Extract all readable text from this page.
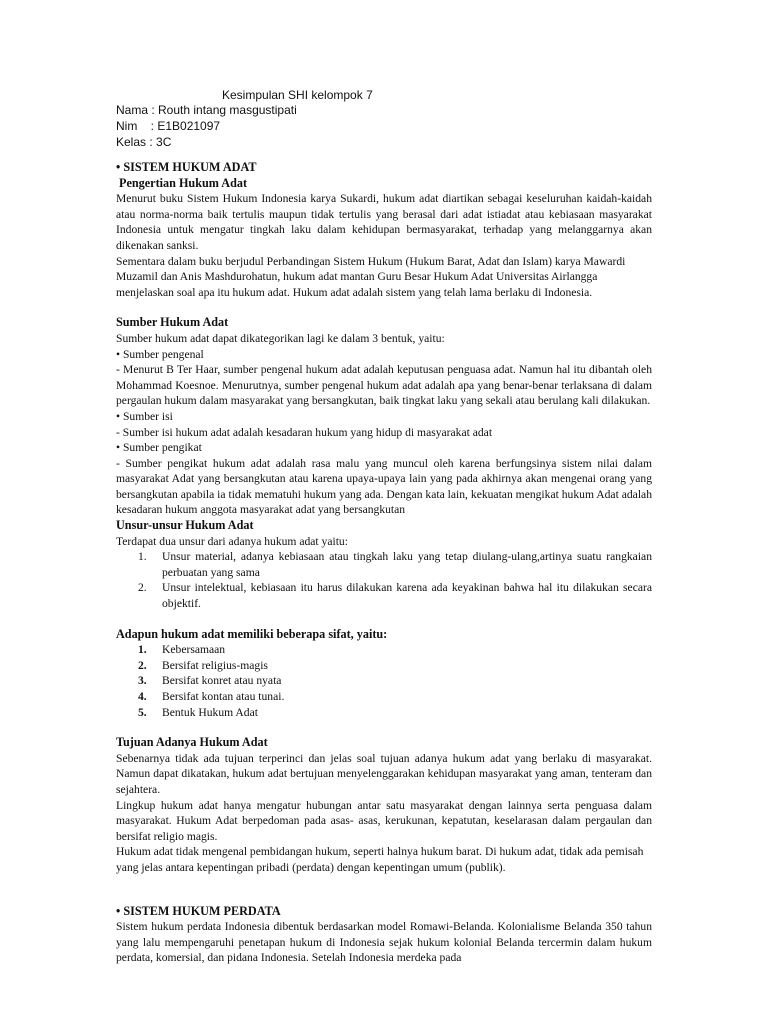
Kesimpulan SHI kelompok 7
Nama : Routh intang masgustipati
Nim    : E1B021097
Kelas : 3C

• SISTEM HUKUM ADAT

Pengertian Hukum Adat

Menurut buku Sistem Hukum Indonesia karya Sukardi, hukum adat diartikan sebagai keseluruhan kaidah-kaidah atau norma-norma baik tertulis maupun tidak tertulis yang berasal dari adat istiadat atau kebiasaan masyarakat Indonesia untuk mengatur tingkah laku dalam kehidupan bermasyarakat, terhadap yang melanggarnya akan dikenakan sanksi.

Sementara dalam buku berjudul Perbandingan Sistem Hukum (Hukum Barat, Adat dan Islam) karya Mawardi Muzamil dan Anis Mashdurohatun, hukum adat mantan Guru Besar Hukum Adat Universitas Airlangga menjelaskan soal apa itu hukum adat. Hukum adat adalah sistem yang telah lama berlaku di Indonesia.

Sumber Hukum Adat

Sumber hukum adat dapat dikategorikan lagi ke dalam 3 bentuk, yaitu:

• Sumber pengenal

- Menurut B Ter Haar, sumber pengenal hukum adat adalah keputusan penguasa adat. Namun hal itu dibantah oleh Mohammad Koesnoe. Menurutnya, sumber pengenal hukum adat adalah apa yang benar-benar terlaksana di dalam pergaulan hukum dalam masyarakat yang bersangkutan, baik tingkat laku yang sekali atau berulang kali dilakukan.

• Sumber isi

- Sumber isi hukum adat adalah kesadaran hukum yang hidup di masyarakat adat

• Sumber pengikat

- Sumber pengikat hukum adat adalah rasa malu yang muncul oleh karena berfungsinya sistem nilai dalam masyarakat Adat yang bersangkutan atau karena upaya-upaya lain yang pada akhirnya akan mengenai orang yang bersangkutan apabila ia tidak mematuhi hukum yang ada. Dengan kata lain, kekuatan mengikat hukum Adat adalah kesadaran hukum anggota masyarakat adat yang bersangkutan

Unsur-unsur Hukum Adat

Terdapat dua unsur dari adanya hukum adat yaitu:

1.	Unsur material, adanya kebiasaan atau tingkah laku yang tetap diulang-ulang,artinya suatu rangkaian perbuatan yang sama
2.	Unsur intelektual, kebiasaan itu harus dilakukan karena ada keyakinan bahwa hal itu dilakukan secara objektif.

Adapun hukum adat memiliki beberapa sifat, yaitu:

1.	Kebersamaan
2.	Bersifat religius-magis
3.	Bersifat konret atau nyata
4.	Bersifat kontan atau tunai.
5.	Bentuk Hukum Adat

Tujuan Adanya Hukum Adat

Sebenarnya tidak ada tujuan terperinci dan jelas soal tujuan adanya hukum adat yang berlaku di masyarakat. Namun dapat dikatakan, hukum adat bertujuan menyelenggarakan kehidupan masyarakat yang aman, tenteram dan sejahtera.

Lingkup hukum adat hanya mengatur hubungan antar satu masyarakat dengan lainnya serta penguasa dalam masyarakat. Hukum Adat berpedoman pada asas- asas, kerukunan, kepatutan, keselarasan dalam pergaulan dan bersifat religio magis.

Hukum adat tidak mengenal pembidangan hukum, seperti halnya hukum barat. Di hukum adat, tidak ada pemisah yang jelas antara kepentingan pribadi (perdata) dengan kepentingan umum (publik).

• SISTEM HUKUM PERDATA

Sistem hukum perdata Indonesia dibentuk berdasarkan model Romawi-Belanda. Kolonialisme Belanda 350 tahun yang lalu mempengaruhi penetapan hukum di Indonesia sejak hukum kolonial Belanda tercermin dalam hukum perdata, komersial, dan pidana Indonesia. Setelah Indonesia merdeka pada
